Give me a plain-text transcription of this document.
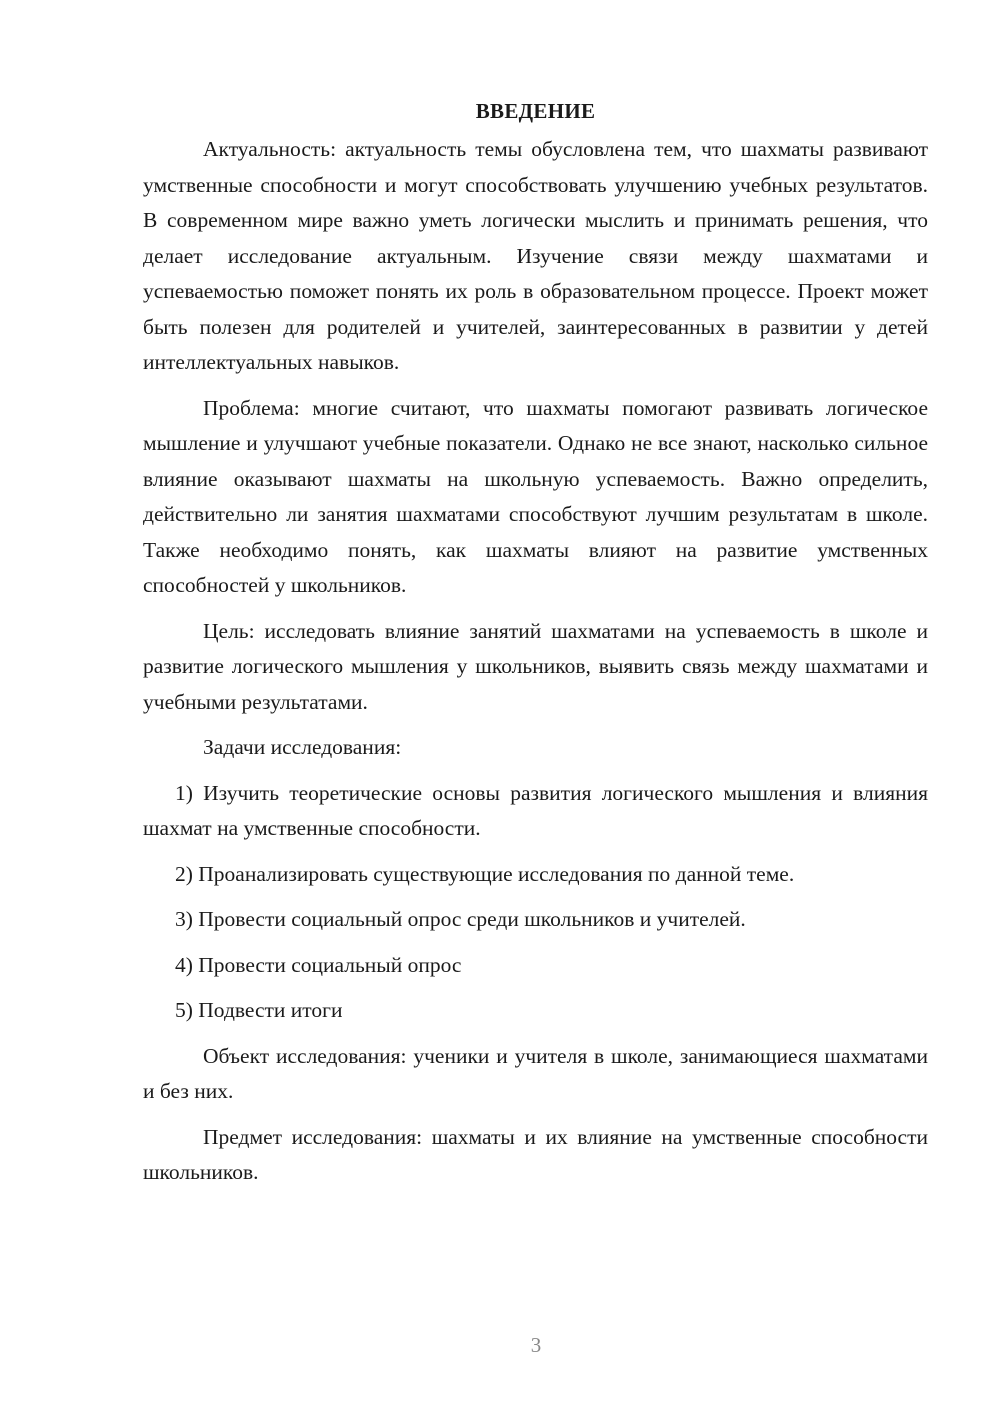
ВВЕДЕНИЕ

Актуальность: актуальность темы обусловлена тем, что шахматы развивают умственные способности и могут способствовать улучшению учебных результатов. В современном мире важно уметь логически мыслить и принимать решения, что делает исследование актуальным. Изучение связи между шахматами и успеваемостью поможет понять их роль в образовательном процессе. Проект может быть полезен для родителей и учителей, заинтересованных в развитии у детей интеллектуальных навыков.

Проблема: многие считают, что шахматы помогают развивать логическое мышление и улучшают учебные показатели. Однако не все знают, насколько сильное влияние оказывают шахматы на школьную успеваемость. Важно определить, действительно ли занятия шахматами способствуют лучшим результатам в школе. Также необходимо понять, как шахматы влияют на развитие умственных способностей у школьников.

Цель: исследовать влияние занятий шахматами на успеваемость в школе и развитие логического мышления у школьников, выявить связь между шахматами и учебными результатами.

Задачи исследования:

1) Изучить теоретические основы развития логического мышления и влияния шахмат на умственные способности.

2) Проанализировать существующие исследования по данной теме.

3) Провести социальный опрос среди школьников и учителей.

4) Провести социальный опрос

5) Подвести итоги

Объект исследования: ученики и учителя в школе, занимающиеся шахматами и без них.

Предмет исследования: шахматы и их влияние на умственные способности школьников.

3
